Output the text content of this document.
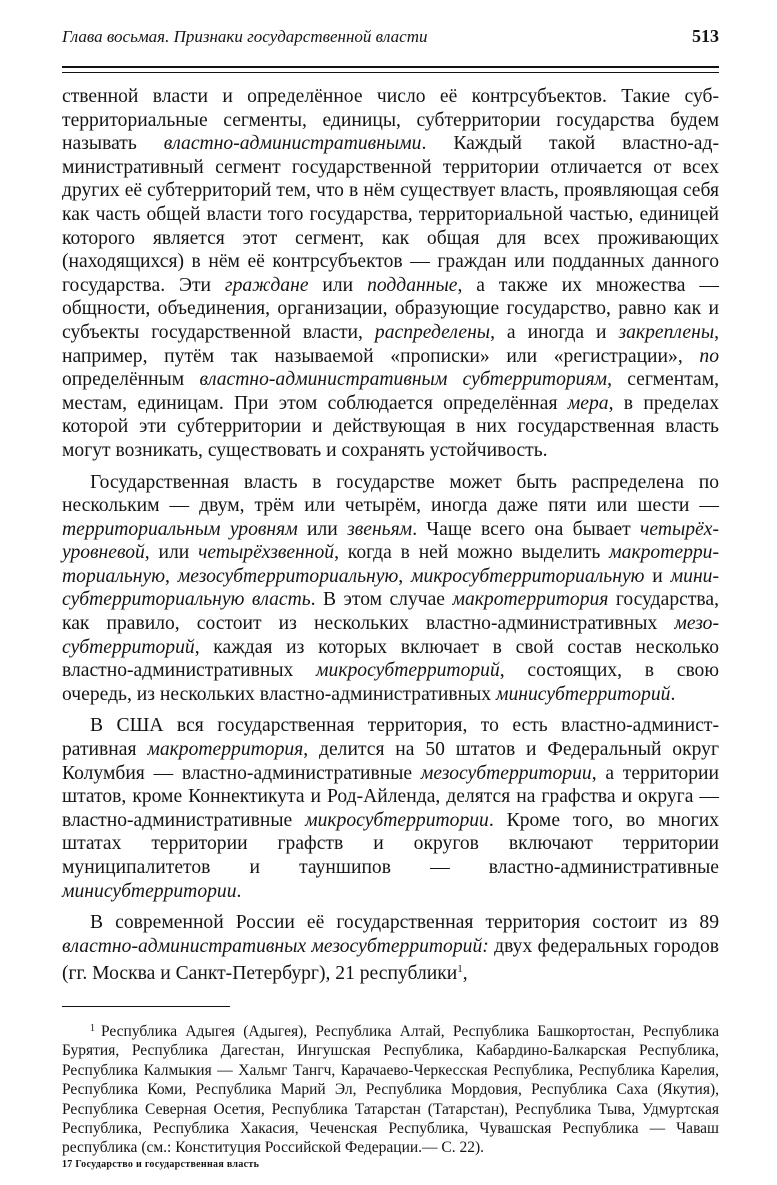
Глава восьмая. Признаки государственной власти	513

ственной власти и определённое число её контрсубъектов. Такие субтерриториальные сегменты, единицы, субтерритории государства будем называть властно-административными. Каждый такой властно-административный сегмент государственной территории отличается от всех других её субтерриторий тем, что в нём существует власть, проявляющая себя как часть общей власти того государства, территориальной частью, единицей которого является этот сегмент, как общая для всех проживающих (находящихся) в нём её контрсубъектов — граждан или подданных данного государства. Эти граждане или подданные, а также их множества — общности, объединения, организации, образующие государство, равно как и субъекты государственной власти, распределены, а иногда и закреплены, например, путём так называемой «прописки» или «регистрации», по определённым властно-административным субтерриториям, сегментам, местам, единицам. При этом соблюдается определённая мера, в пределах которой эти субтерритории и действующая в них государственная власть могут возникать, существовать и сохранять устойчивость.

Государственная власть в государстве может быть распределена по нескольким — двум, трём или четырём, иногда даже пяти или шести — территориальным уровням или звеньям. Чаще всего она бывает четырёхуровневой, или четырёхзвенной, когда в ней можно выделить макротерриториальную, мезосубтерриториальную, микросубтерриториальную и минисубтерриториальную власть. В этом случае макротерритория государства, как правило, состоит из нескольких властно-административных мезосубтерриторий, каждая из которых включает в свой состав несколько властно-административных микросубтерриторий, состоящих, в свою очередь, из нескольких властно-административных минисубтерриторий.

В США вся государственная территория, то есть властно-административная макротерритория, делится на 50 штатов и Федеральный округ Колумбия — властно-административные мезосубтерритории, а территории штатов, кроме Коннектикута и Род-Айленда, делятся на графства и округа — властно-административные микросубтерритории. Кроме того, во многих штатах территории графств и округов включают территории муниципалитетов и тауншипов — властно-административные минисубтерритории.

В современной России её государственная территория состоит из 89 властно-административных мезосубтерриторий: двух федеральных городов (гг. Москва и Санкт-Петербург), 21 республики$^1$,

$^1$ Республика Адыгея (Адыгея), Республика Алтай, Республика Башкортостан, Республика Бурятия, Республика Дагестан, Ингушская Республика, Кабардино-Балкарская Республика, Республика Калмыкия — Хальмг Тангч, Карачаево-Черкесская Республика, Республика Карелия, Республика Коми, Республика Марий Эл, Республика Мордовия, Республика Саха (Якутия), Республика Северная Осетия, Республика Татарстан (Татарстан), Республика Тыва, Удмуртская Республика, Республика Хакасия, Чеченская Республика, Чувашская Республика — Чаваш республика (см.: Конституция Российской Федерации.— С. 22).

17 Государство и государственная власть
